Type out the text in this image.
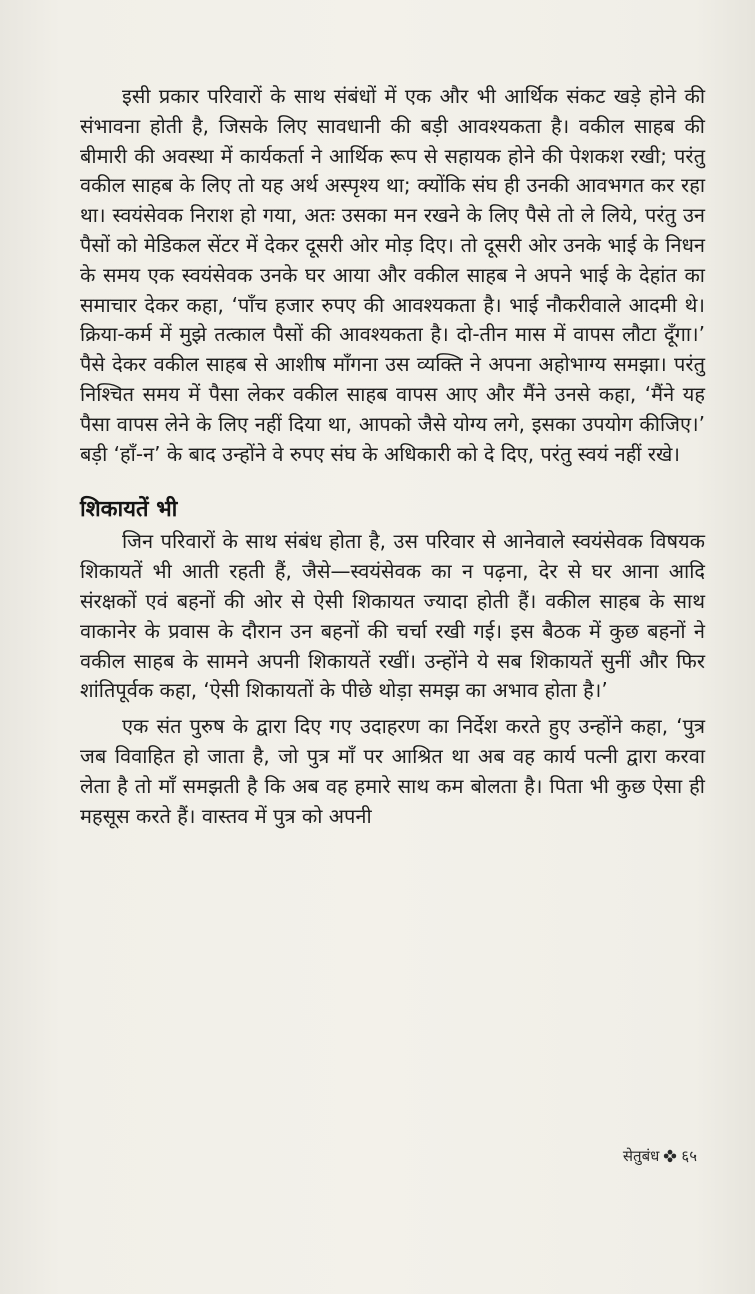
इसी प्रकार परिवारों के साथ संबंधों में एक और भी आर्थिक संकट खड़े होने की संभावना होती है, जिसके लिए सावधानी की बड़ी आवश्यकता है। वकील साहब की बीमारी की अवस्था में कार्यकर्ता ने आर्थिक रूप से सहायक होने की पेशकश रखी; परंतु वकील साहब के लिए तो यह अर्थ अस्पृश्य था; क्योंकि संघ ही उनकी आवभगत कर रहा था। स्वयंसेवक निराश हो गया, अतः उसका मन रखने के लिए पैसे तो ले लिये, परंतु उन पैसों को मेडिकल सेंटर में देकर दूसरी ओर मोड़ दिए। तो दूसरी ओर उनके भाई के निधन के समय एक स्वयंसेवक उनके घर आया और वकील साहब ने अपने भाई के देहांत का समाचार देकर कहा, ‘पाँच हजार रुपए की आवश्यकता है। भाई नौकरीवाले आदमी थे। क्रिया-कर्म में मुझे तत्काल पैसों की आवश्यकता है। दो-तीन मास में वापस लौटा दूँगा।’ पैसे देकर वकील साहब से आशीष माँगना उस व्यक्ति ने अपना अहोभाग्य समझा। परंतु निश्चित समय में पैसा लेकर वकील साहब वापस आए और मैंने उनसे कहा, ‘मैंने यह पैसा वापस लेने के लिए नहीं दिया था, आपको जैसे योग्य लगे, इसका उपयोग कीजिए।’ बड़ी ‘हाँ-न’ के बाद उन्होंने वे रुपए संघ के अधिकारी को दे दिए, परंतु स्वयं नहीं रखे।

शिकायतें भी

जिन परिवारों के साथ संबंध होता है, उस परिवार से आनेवाले स्वयंसेवक विषयक शिकायतें भी आती रहती हैं, जैसे—स्वयंसेवक का न पढ़ना, देर से घर आना आदि संरक्षकों एवं बहनों की ओर से ऐसी शिकायत ज्यादा होती हैं। वकील साहब के साथ वाकानेर के प्रवास के दौरान उन बहनों की चर्चा रखी गई। इस बैठक में कुछ बहनों ने वकील साहब के सामने अपनी शिकायतें रखीं। उन्होंने ये सब शिकायतें सुनीं और फिर शांतिपूर्वक कहा, ‘ऐसी शिकायतों के पीछे थोड़ा समझ का अभाव होता है।’

एक संत पुरुष के द्वारा दिए गए उदाहरण का निर्देश करते हुए उन्होंने कहा, ‘पुत्र जब विवाहित हो जाता है, जो पुत्र माँ पर आश्रित था अब वह कार्य पत्नी द्वारा करवा लेता है तो माँ समझती है कि अब वह हमारे साथ कम बोलता है। पिता भी कुछ ऐसा ही महसूस करते हैं। वास्तव में पुत्र को अपनी

सेतुबंध ६५
